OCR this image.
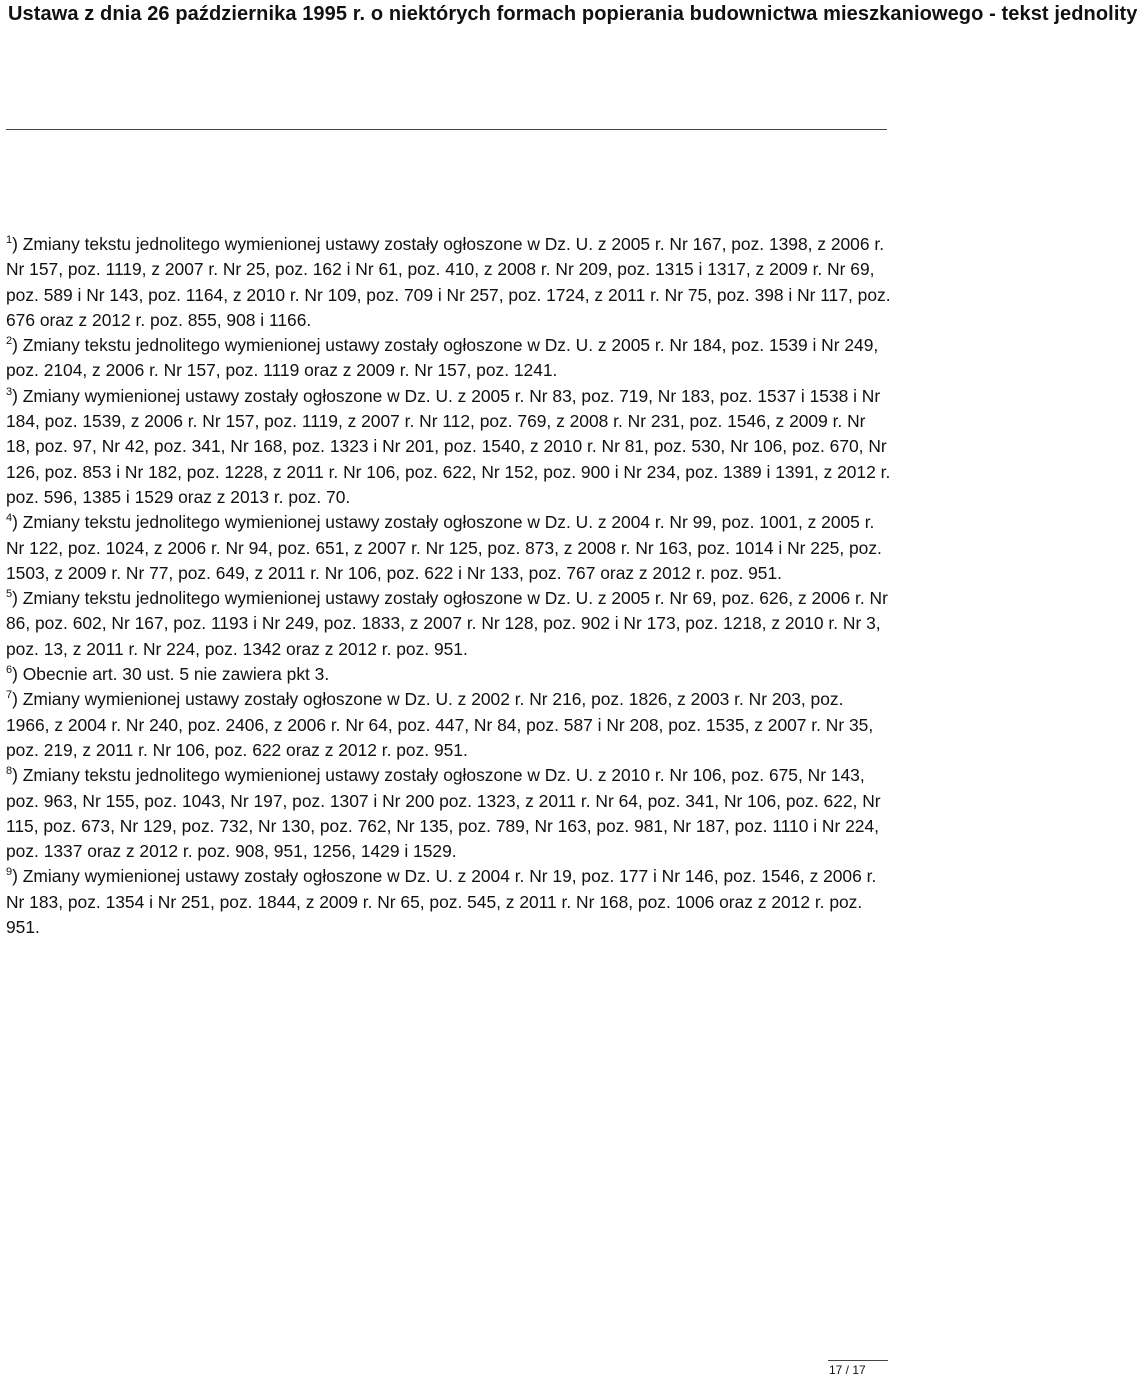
Ustawa z dnia 26 października 1995 r. o niektórych formach popierania budownictwa mieszkaniowego - tekst jednolity

$^1$) Zmiany tekstu jednolitego wymienionej ustawy zostały ogłoszone w Dz. U. z 2005 r. Nr 167, poz. 1398, z 2006 r. Nr 157, poz. 1119, z 2007 r. Nr 25, poz. 162 i Nr 61, poz. 410, z 2008 r. Nr 209, poz. 1315 i 1317, z 2009 r. Nr 69, poz. 589 i Nr 143, poz. 1164, z 2010 r. Nr 109, poz. 709 i Nr 257, poz. 1724, z 2011 r. Nr 75, poz. 398 i Nr 117, poz. 676 oraz z 2012 r. poz. 855, 908 i 1166.

$^2$) Zmiany tekstu jednolitego wymienionej ustawy zostały ogłoszone w Dz. U. z 2005 r. Nr 184, poz. 1539 i Nr 249, poz. 2104, z 2006 r. Nr 157, poz. 1119 oraz z 2009 r. Nr 157, poz. 1241.

$^3$) Zmiany wymienionej ustawy zostały ogłoszone w Dz. U. z 2005 r. Nr 83, poz. 719, Nr 183, poz. 1537 i 1538 i Nr 184, poz. 1539, z 2006 r. Nr 157, poz. 1119, z 2007 r. Nr 112, poz. 769, z 2008 r. Nr 231, poz. 1546, z 2009 r. Nr 18, poz. 97, Nr 42, poz. 341, Nr 168, poz. 1323 i Nr 201, poz. 1540, z 2010 r. Nr 81, poz. 530, Nr 106, poz. 670, Nr 126, poz. 853 i Nr 182, poz. 1228, z 2011 r. Nr 106, poz. 622, Nr 152, poz. 900 i Nr 234, poz. 1389 i 1391, z 2012 r. poz. 596, 1385 i 1529 oraz z 2013 r. poz. 70.

$^4$) Zmiany tekstu jednolitego wymienionej ustawy zostały ogłoszone w Dz. U. z 2004 r. Nr 99, poz. 1001, z 2005 r. Nr 122, poz. 1024, z 2006 r. Nr 94, poz. 651, z 2007 r. Nr 125, poz. 873, z 2008 r. Nr 163, poz. 1014 i Nr 225, poz. 1503, z 2009 r. Nr 77, poz. 649, z 2011 r. Nr 106, poz. 622 i Nr 133, poz. 767 oraz z 2012 r. poz. 951.

$^5$) Zmiany tekstu jednolitego wymienionej ustawy zostały ogłoszone w Dz. U. z 2005 r. Nr 69, poz. 626, z 2006 r. Nr 86, poz. 602, Nr 167, poz. 1193 i Nr 249, poz. 1833, z 2007 r. Nr 128, poz. 902 i Nr 173, poz. 1218, z 2010 r. Nr 3, poz. 13, z 2011 r. Nr 224, poz. 1342 oraz z 2012 r. poz. 951.

$^6$) Obecnie art. 30 ust. 5 nie zawiera pkt 3.

$^7$) Zmiany wymienionej ustawy zostały ogłoszone w Dz. U. z 2002 r. Nr 216, poz. 1826, z 2003 r. Nr 203, poz. 1966, z 2004 r. Nr 240, poz. 2406, z 2006 r. Nr 64, poz. 447, Nr 84, poz. 587 i Nr 208, poz. 1535, z 2007 r. Nr 35, poz. 219, z 2011 r. Nr 106, poz. 622 oraz z 2012 r. poz. 951.

$^8$) Zmiany tekstu jednolitego wymienionej ustawy zostały ogłoszone w Dz. U. z 2010 r. Nr 106, poz. 675, Nr 143, poz. 963, Nr 155, poz. 1043, Nr 197, poz. 1307 i Nr 200 poz. 1323, z 2011 r. Nr 64, poz. 341, Nr 106, poz. 622, Nr 115, poz. 673, Nr 129, poz. 732, Nr 130, poz. 762, Nr 135, poz. 789, Nr 163, poz. 981, Nr 187, poz. 1110 i Nr 224, poz. 1337 oraz z 2012 r. poz. 908, 951, 1256, 1429 i 1529.

$^9$) Zmiany wymienionej ustawy zostały ogłoszone w Dz. U. z 2004 r. Nr 19, poz. 177 i Nr 146, poz. 1546, z 2006 r. Nr 183, poz. 1354 i Nr 251, poz. 1844, z 2009 r. Nr 65, poz. 545, z 2011 r. Nr 168, poz. 1006 oraz z 2012 r. poz. 951.

17 / 17
